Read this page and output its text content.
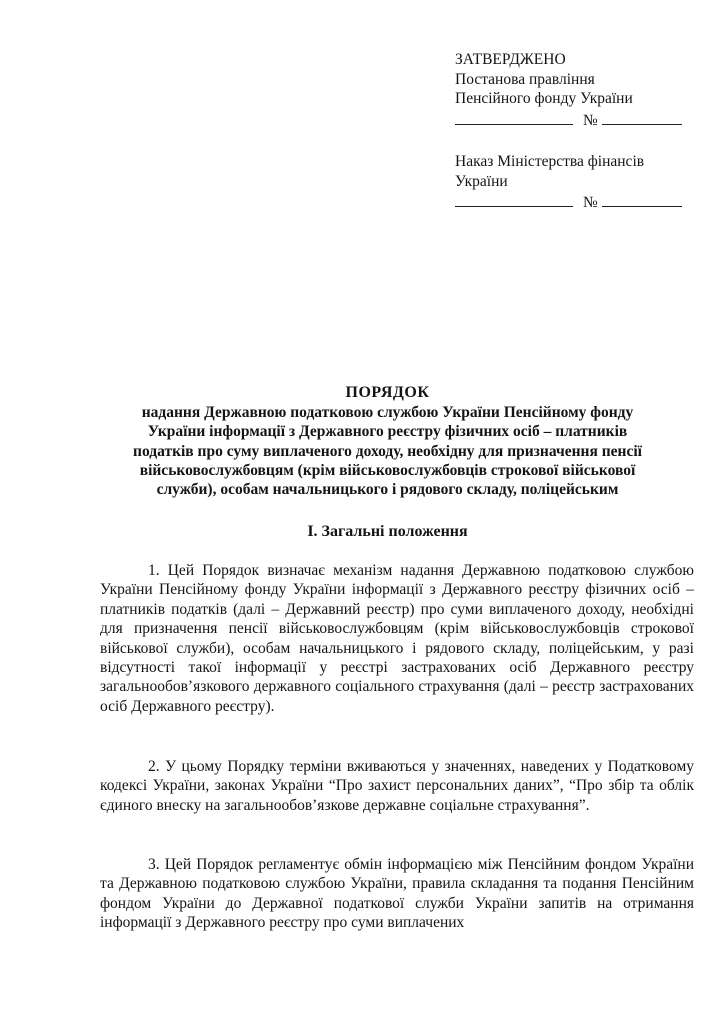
ЗАТВЕРДЖЕНО
Постанова правління
Пенсійного фонду України
№
Наказ Міністерства фінансів
України
№
ПОРЯДОК
надання Державною податковою службою України Пенсійному фонду
України інформації з Державного реєстру фізичних осіб – платників
податків про суму виплаченого доходу, необхідну для призначення пенсії
військовослужбовцям (крім військовослужбовців строкової військової
служби), особам начальницького і рядового складу, поліцейським
І. Загальні положення
1. Цей Порядок визначає механізм надання Державною податковою службою України Пенсійному фонду України інформації з Державного реєстру фізичних осіб – платників податків (далі – Державний реєстр) про суми виплаченого доходу, необхідні для призначення пенсії військовослужбовцям (крім військовослужбовців строкової військової служби), особам начальницького і рядового складу, поліцейським, у разі відсутності такої інформації у реєстрі застрахованих осіб Державного реєстру загальнообов’язкового державного соціального страхування (далі – реєстр застрахованих осіб Державного реєстру).
2. У цьому Порядку терміни вживаються у значеннях, наведених у Податковому кодексі України, законах України “Про захист персональних даних”, “Про збір та облік єдиного внеску на загальнообов’язкове державне соціальне страхування”.
3. Цей Порядок регламентує обмін інформацією між Пенсійним фондом України та Державною податковою службою України, правила складання та подання Пенсійним фондом України до Державної податкової служби України запитів на отримання інформації з Державного реєстру про суми виплачених
